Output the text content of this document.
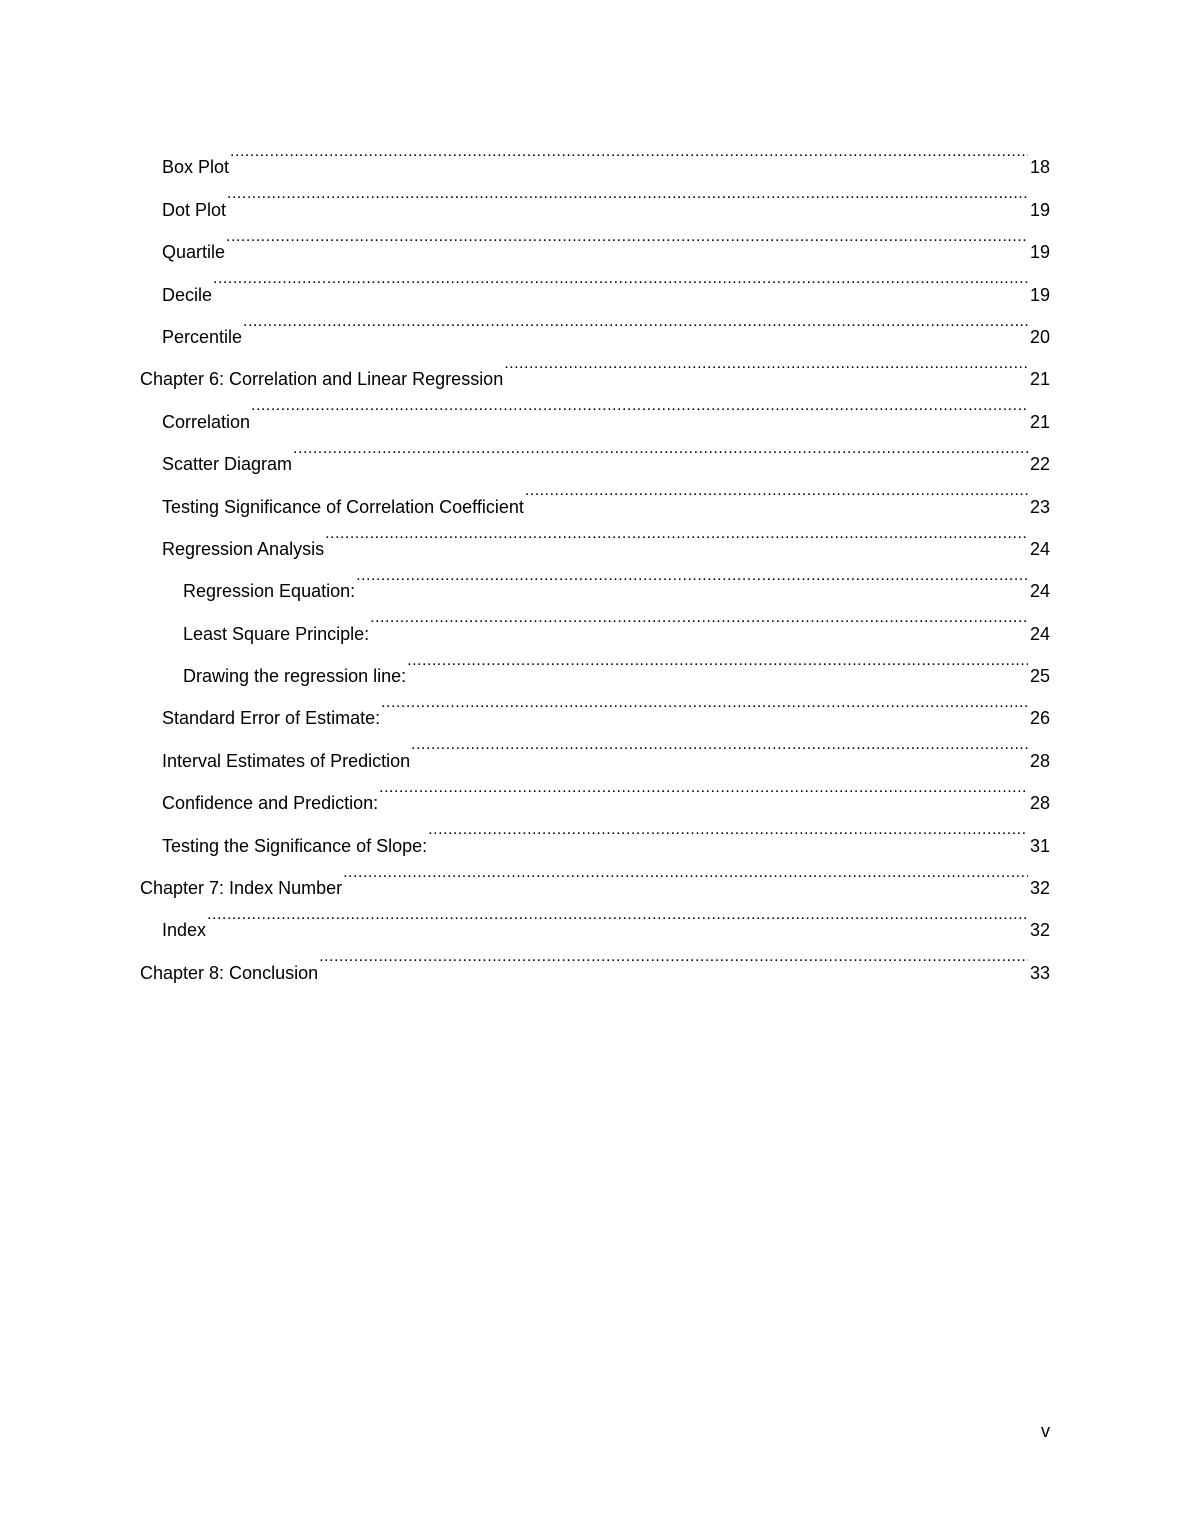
Box Plot .....	18
Dot Plot .....	19
Quartile .....	19
Decile .....	19
Percentile .....	20
Chapter 6: Correlation and Linear Regression .....	21
Correlation .....	21
Scatter Diagram .....	22
Testing Significance of Correlation Coefficient .....	23
Regression Analysis .....	24
Regression Equation: .....	24
Least Square Principle: .....	24
Drawing the regression line: .....	25
Standard Error of Estimate: .....	26
Interval Estimates of Prediction .....	28
Confidence and Prediction: .....	28
Testing the Significance of Slope: .....	31
Chapter 7: Index Number .....	32
Index .....	32
Chapter 8: Conclusion .....	33
v
